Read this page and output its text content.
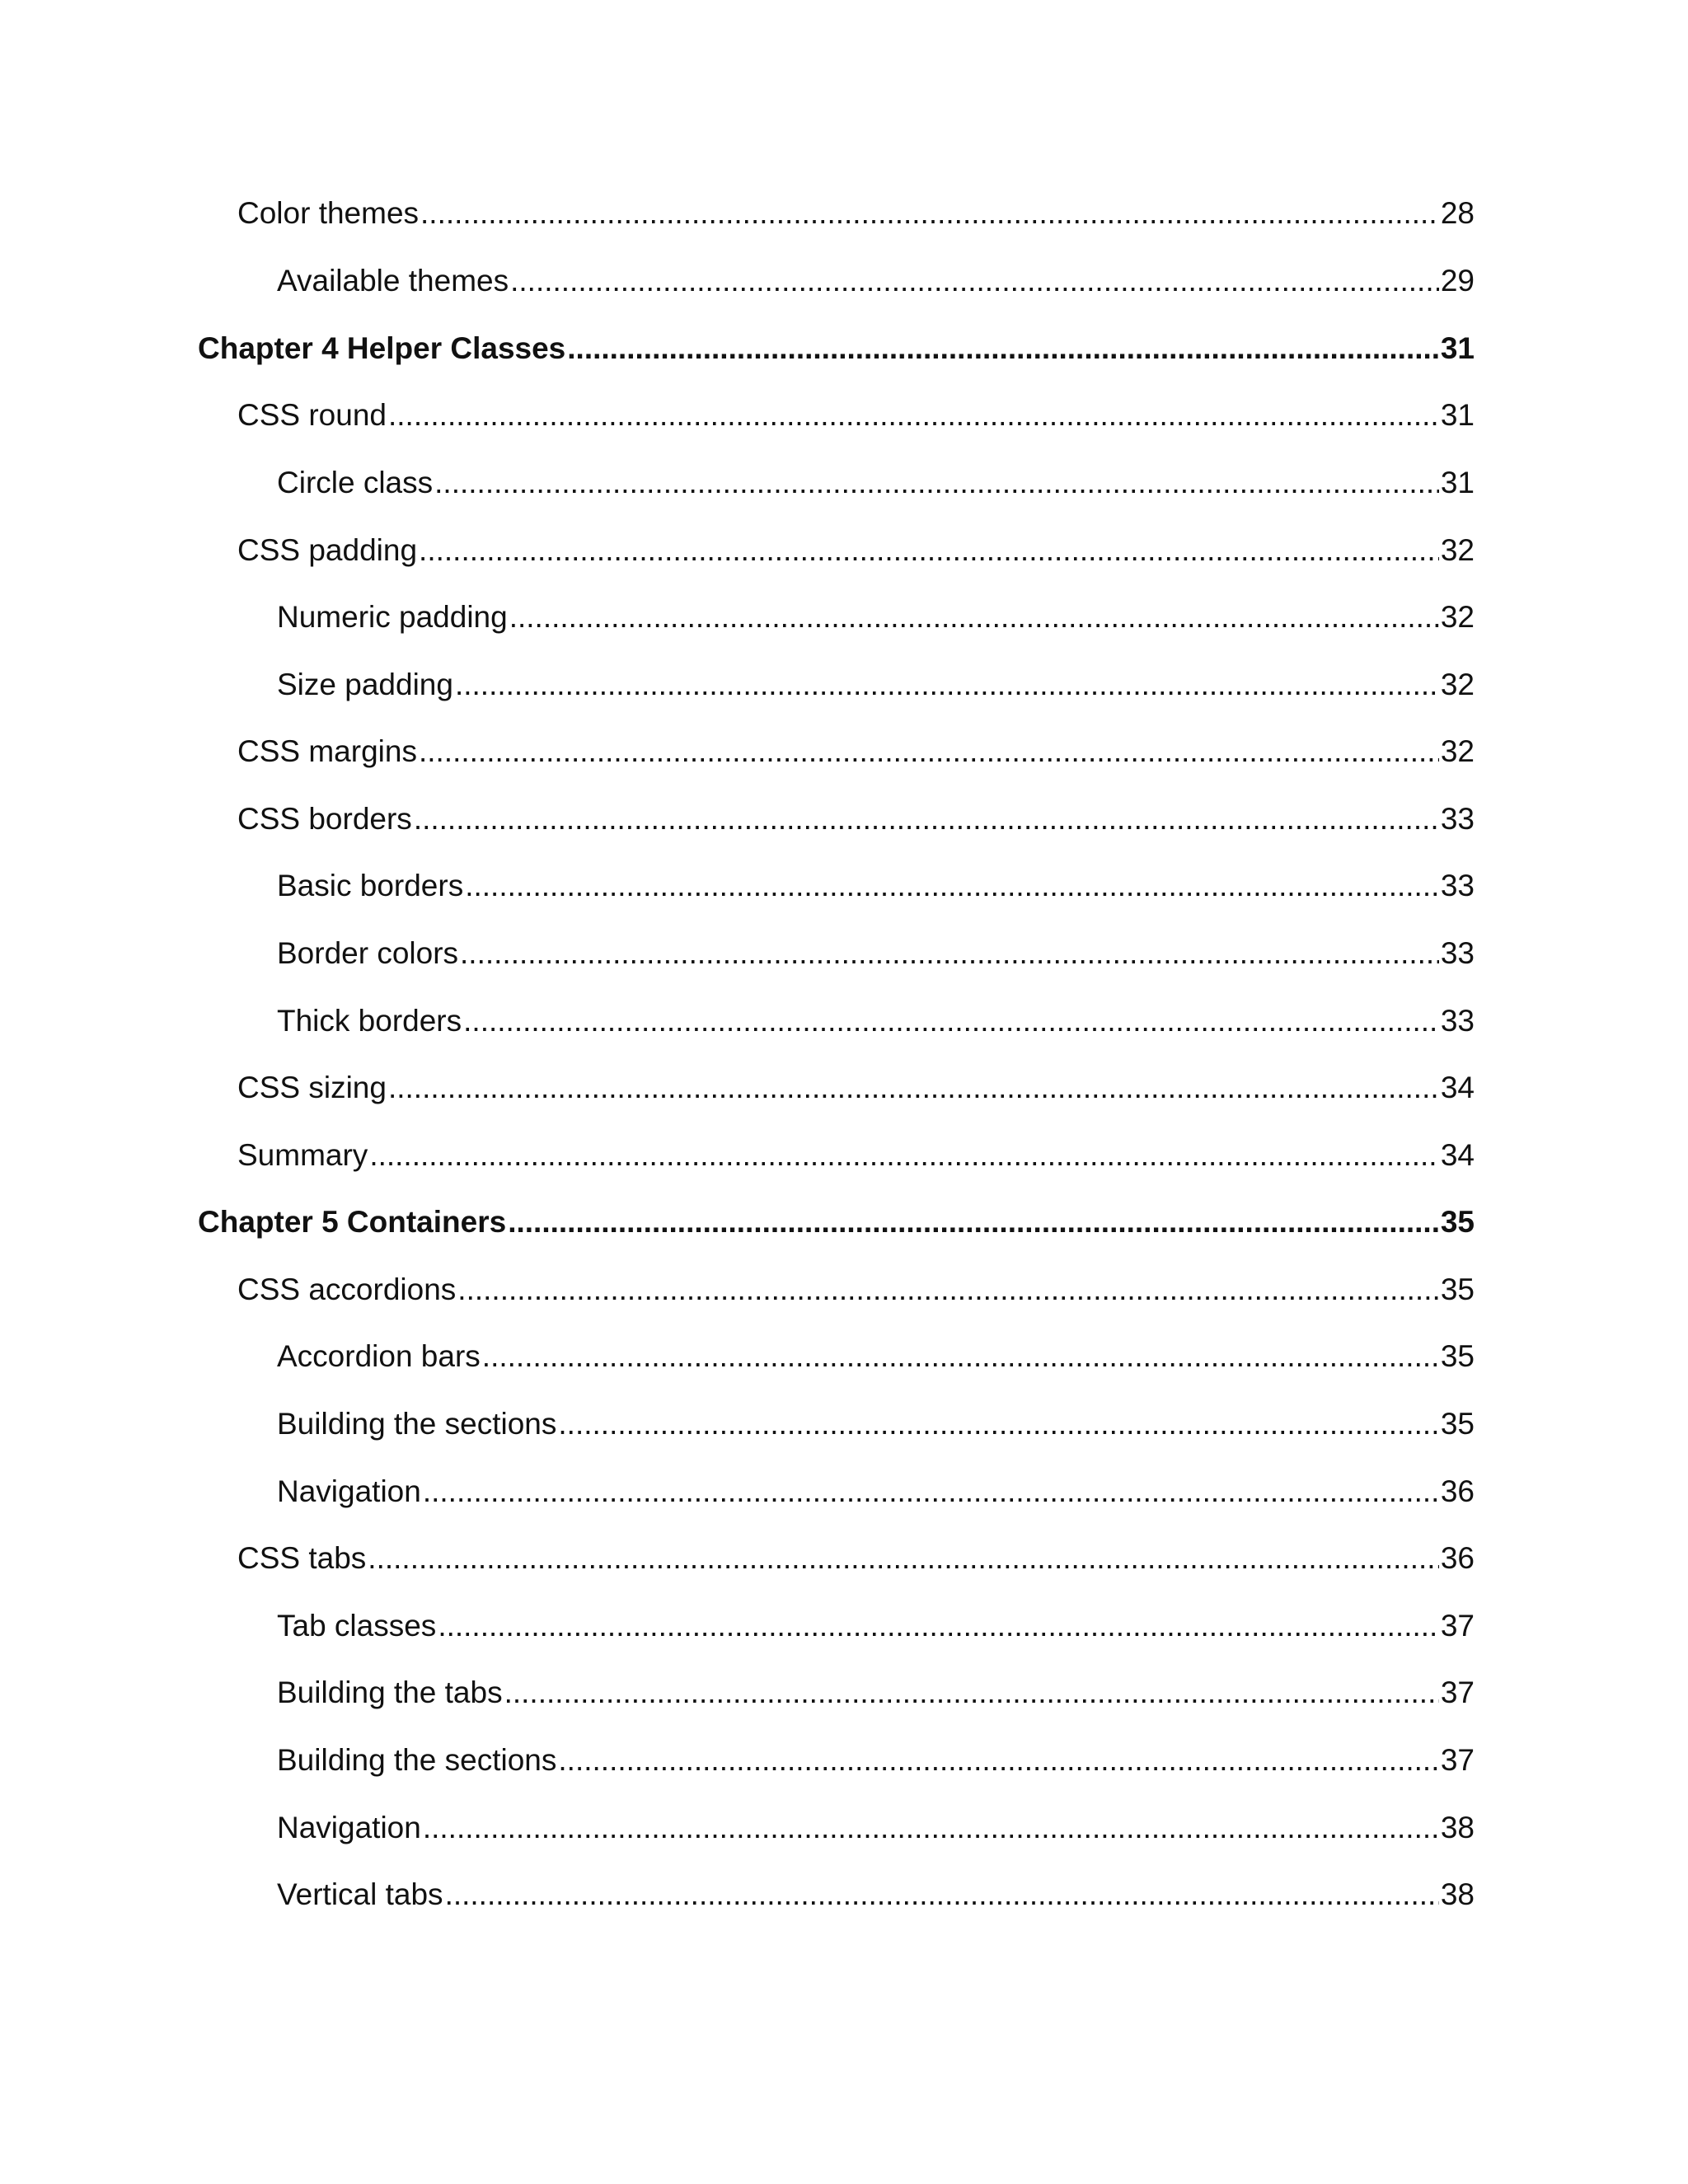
Color themes .....	28
Available themes .....	29
Chapter 4 Helper Classes .....	31
CSS round .....	31
Circle class .....	31
CSS padding .....	32
Numeric padding .....	32
Size padding .....	32
CSS margins .....	32
CSS borders .....	33
Basic borders .....	33
Border colors .....	33
Thick borders .....	33
CSS sizing .....	34
Summary .....	34
Chapter 5 Containers .....	35
CSS accordions .....	35
Accordion bars .....	35
Building the sections .....	35
Navigation .....	36
CSS tabs .....	36
Tab classes .....	37
Building the tabs .....	37
Building the sections .....	37
Navigation .....	38
Vertical tabs .....	38
